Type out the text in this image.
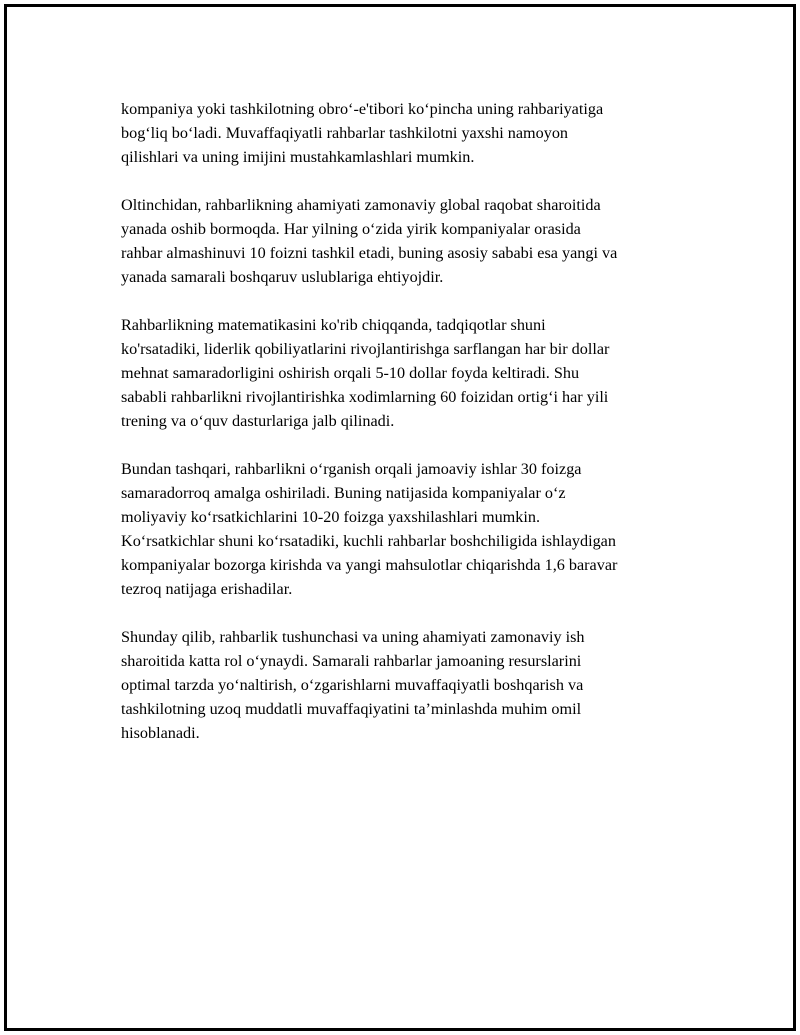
kompaniya yoki tashkilotning obro‘-e'tibori ko‘pincha uning rahbariyatiga
bog‘liq bo‘ladi. Muvaffaqiyatli rahbarlar tashkilotni yaxshi namoyon
qilishlari va uning imijini mustahkamlashlari mumkin.

Oltinchidan, rahbarlikning ahamiyati zamonaviy global raqobat sharoitida
yanada oshib bormoqda. Har yilning o‘zida yirik kompaniyalar orasida
rahbar almashinuvi 10 foizni tashkil etadi, buning asosiy sababi esa yangi va
yanada samarali boshqaruv uslublariga ehtiyojdir.

Rahbarlikning matematikasini ko'rib chiqqanda, tadqiqotlar shuni
ko'rsatadiki, liderlik qobiliyatlarini rivojlantirishga sarflangan har bir dollar
mehnat samaradorligini oshirish orqali 5-10 dollar foyda keltiradi. Shu
sababli rahbarlikni rivojlantirishka xodimlarning 60 foizidan ortig‘i har yili
trening va o‘quv dasturlariga jalb qilinadi.

Bundan tashqari, rahbarlikni o‘rganish orqali jamoaviy ishlar 30 foizga
samaradorroq amalga oshiriladi. Buning natijasida kompaniyalar o‘z
moliyaviy ko‘rsatkichlarini 10-20 foizga yaxshilashlari mumkin.
Ko‘rsatkichlar shuni ko‘rsatadiki, kuchli rahbarlar boshchiligida ishlaydigan
kompaniyalar bozorga kirishda va yangi mahsulotlar chiqarishda 1,6 baravar
tezroq natijaga erishadilar.

Shunday qilib, rahbarlik tushunchasi va uning ahamiyati zamonaviy ish
sharoitida katta rol o‘ynaydi. Samarali rahbarlar jamoaning resurslarini
optimal tarzda yo‘naltirish, o‘zgarishlarni muvaffaqiyatli boshqarish va
tashkilotning uzoq muddatli muvaffaqiyatini ta’minlashda muhim omil
hisoblanadi.
